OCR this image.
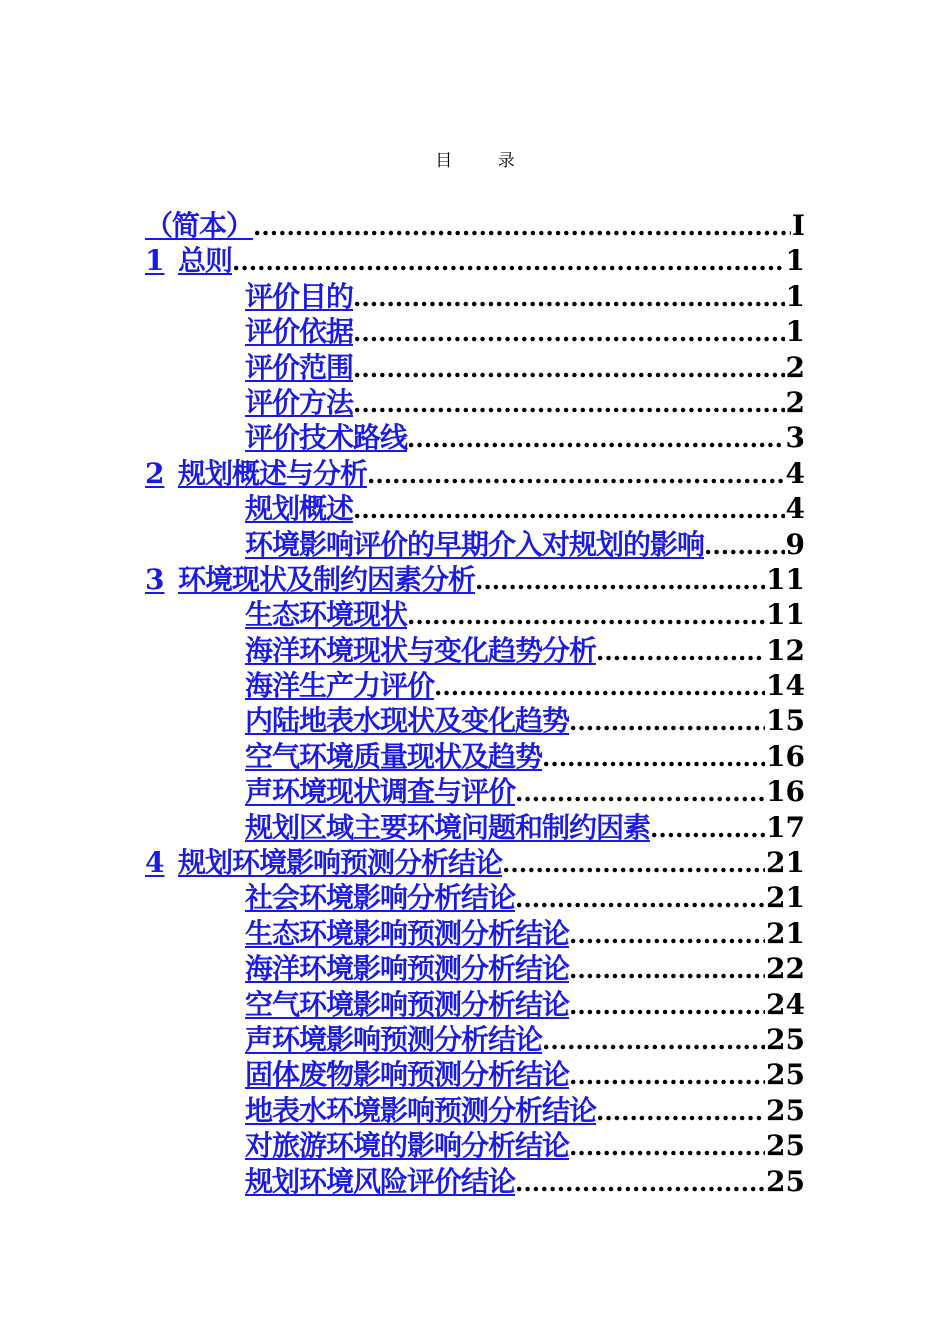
目 录
（简本） .....	I
1 总则 .....	1
评价目的 .....	1
评价依据 .....	1
评价范围 .....	2
评价方法 .....	2
评价技术路线 .....	3
2 规划概述与分析 .....	4
规划概述 .....	4
环境影响评价的早期介入对规划的影响 .....	9
3 环境现状及制约因素分析 .....	11
生态环境现状 .....	11
海洋环境现状与变化趋势分析 .....	12
海洋生产力评价 .....	14
内陆地表水现状及变化趋势 .....	15
空气环境质量现状及趋势 .....	16
声环境现状调查与评价 .....	16
规划区域主要环境问题和制约因素 .....	17
4 规划环境影响预测分析结论 .....	21
社会环境影响分析结论 .....	21
生态环境影响预测分析结论 .....	21
海洋环境影响预测分析结论 .....	22
空气环境影响预测分析结论 .....	24
声环境影响预测分析结论 .....	25
固体废物影响预测分析结论 .....	25
地表水环境影响预测分析结论 .....	25
对旅游环境的影响分析结论 .....	25
规划环境风险评价结论 .....	25
